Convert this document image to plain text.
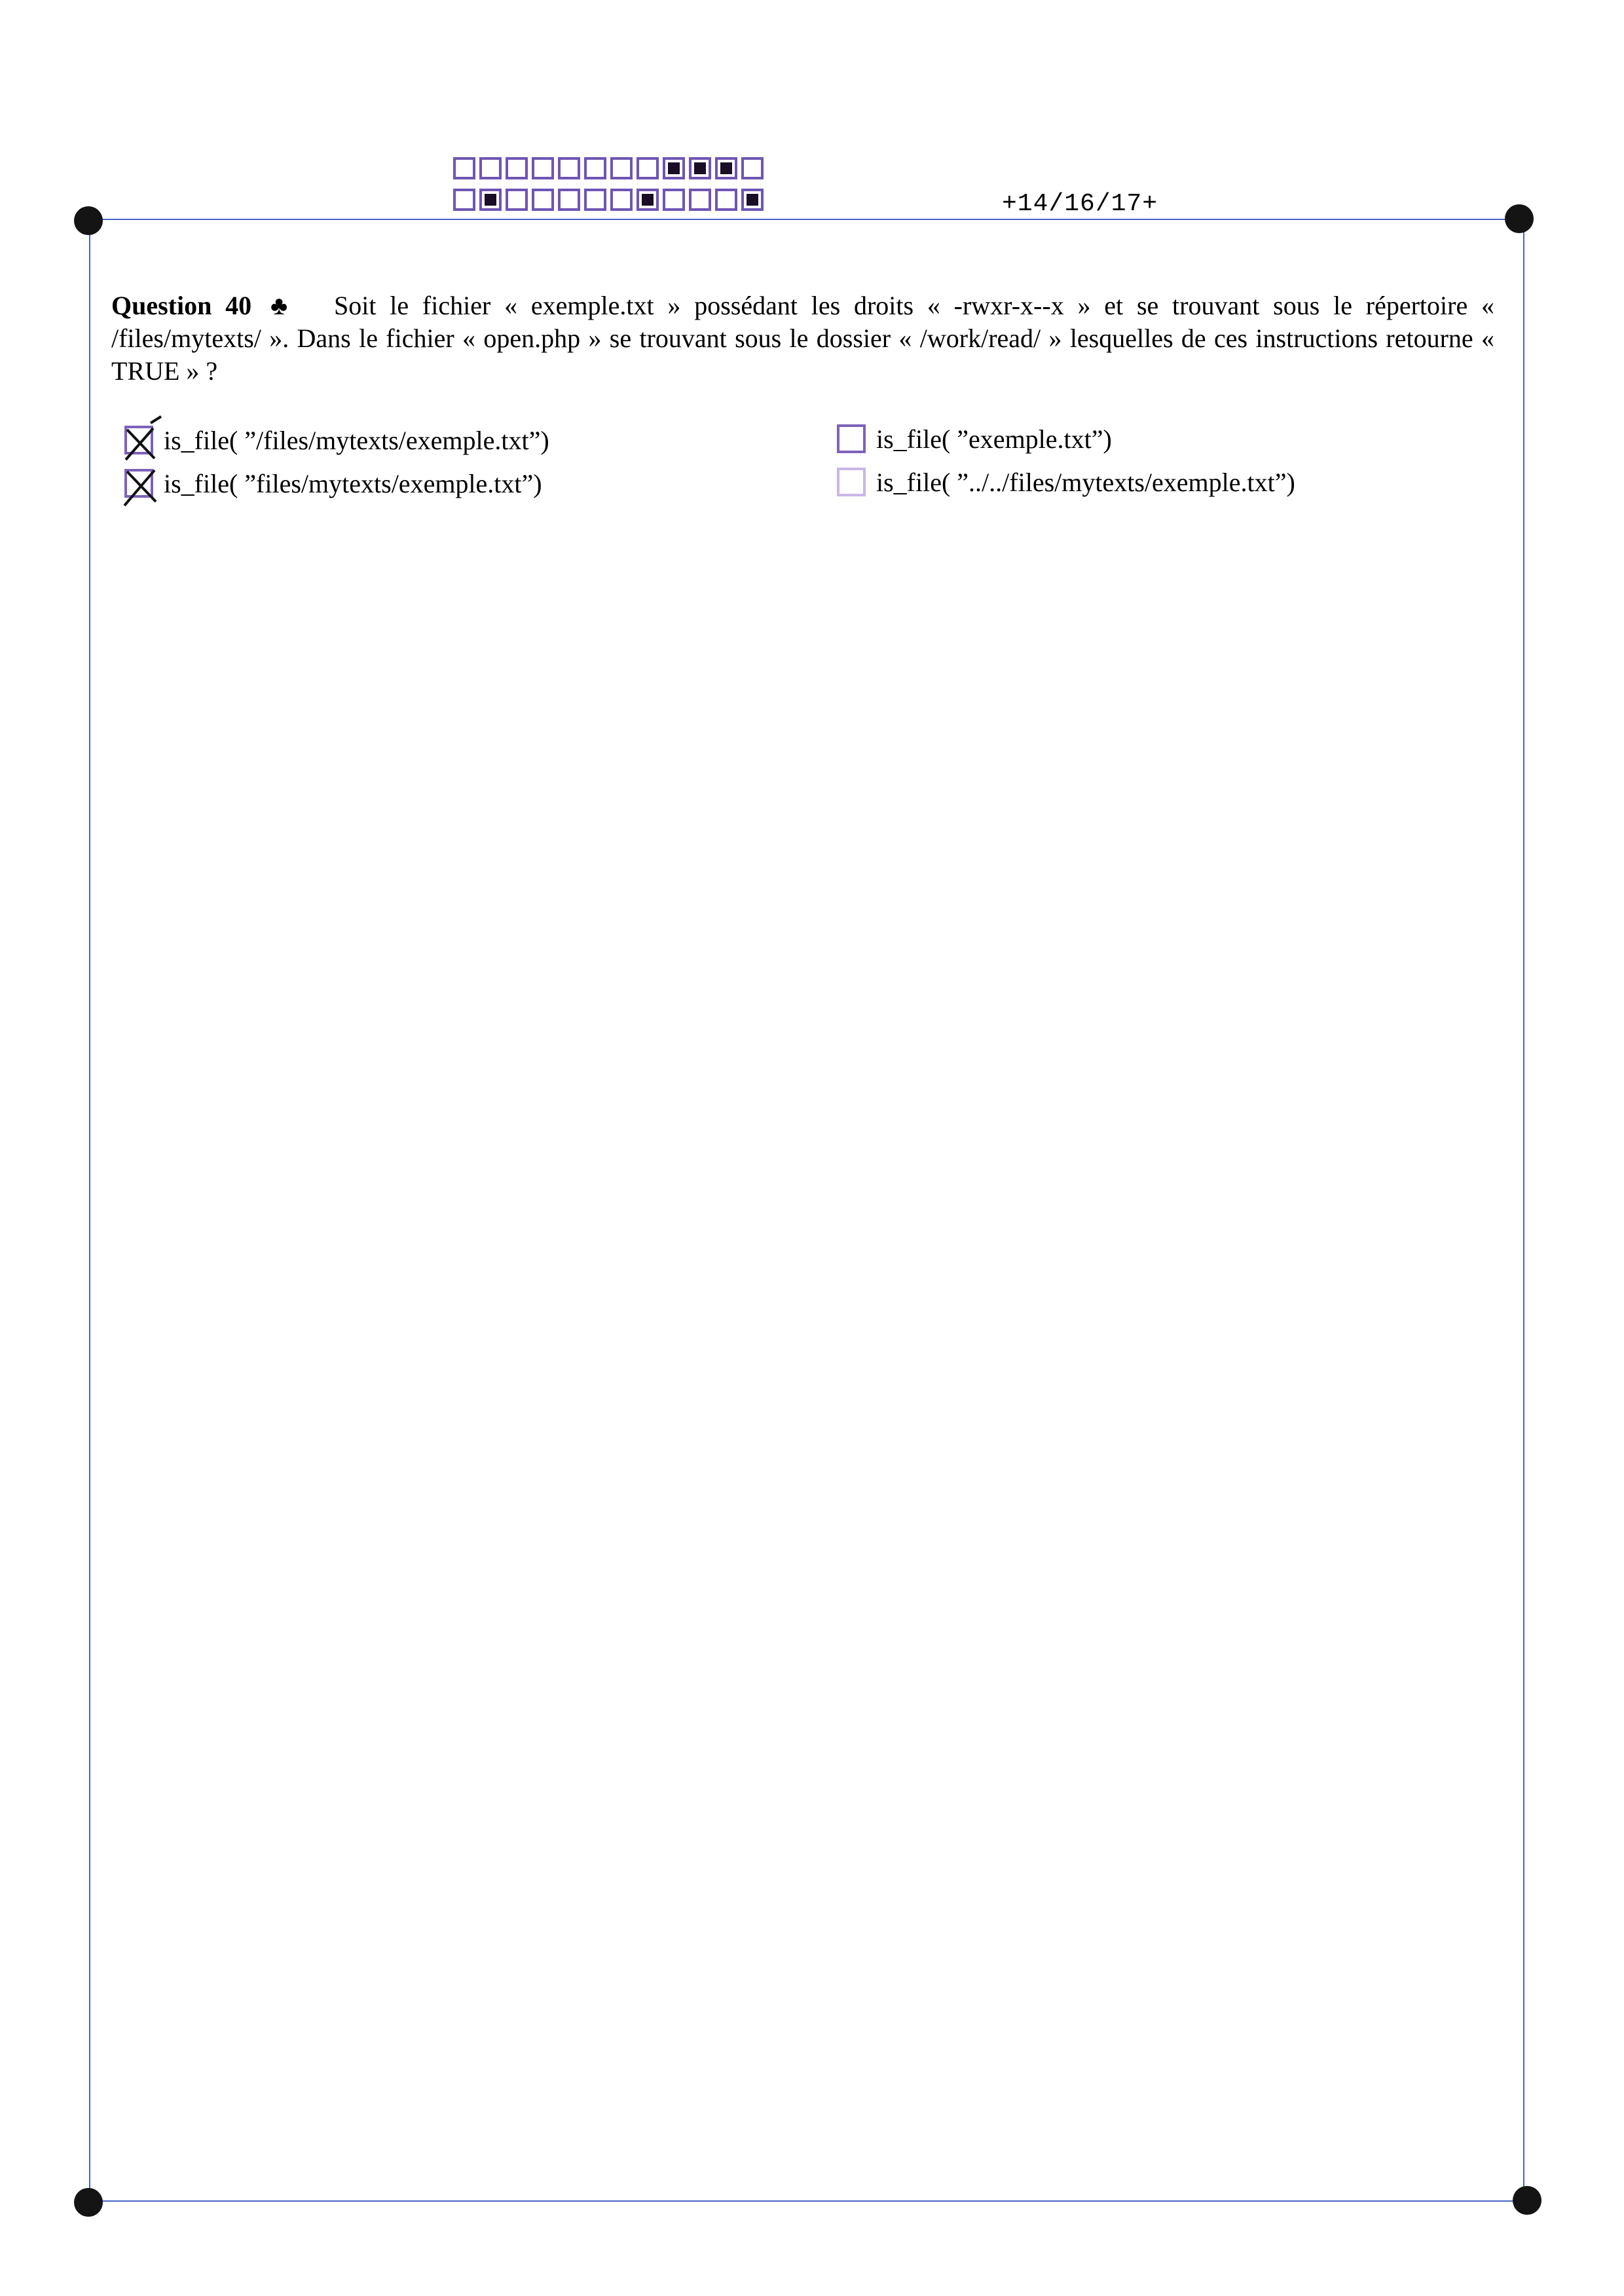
+14/16/17+
Question 40 ♣ Soit le fichier « exemple.txt » possédant les droits « -rwxr-x--x » et se trouvant sous le répertoire « /files/mytexts/ ». Dans le fichier « open.php » se trouvant sous le dossier « /work/read/ » lesquelles de ces instructions retourne « TRUE » ?
is_file( ”/files/mytexts/exemple.txt”)
is_file( ”files/mytexts/exemple.txt”)
is_file( ”exemple.txt”)
is_file( ”../../files/mytexts/exemple.txt”)
